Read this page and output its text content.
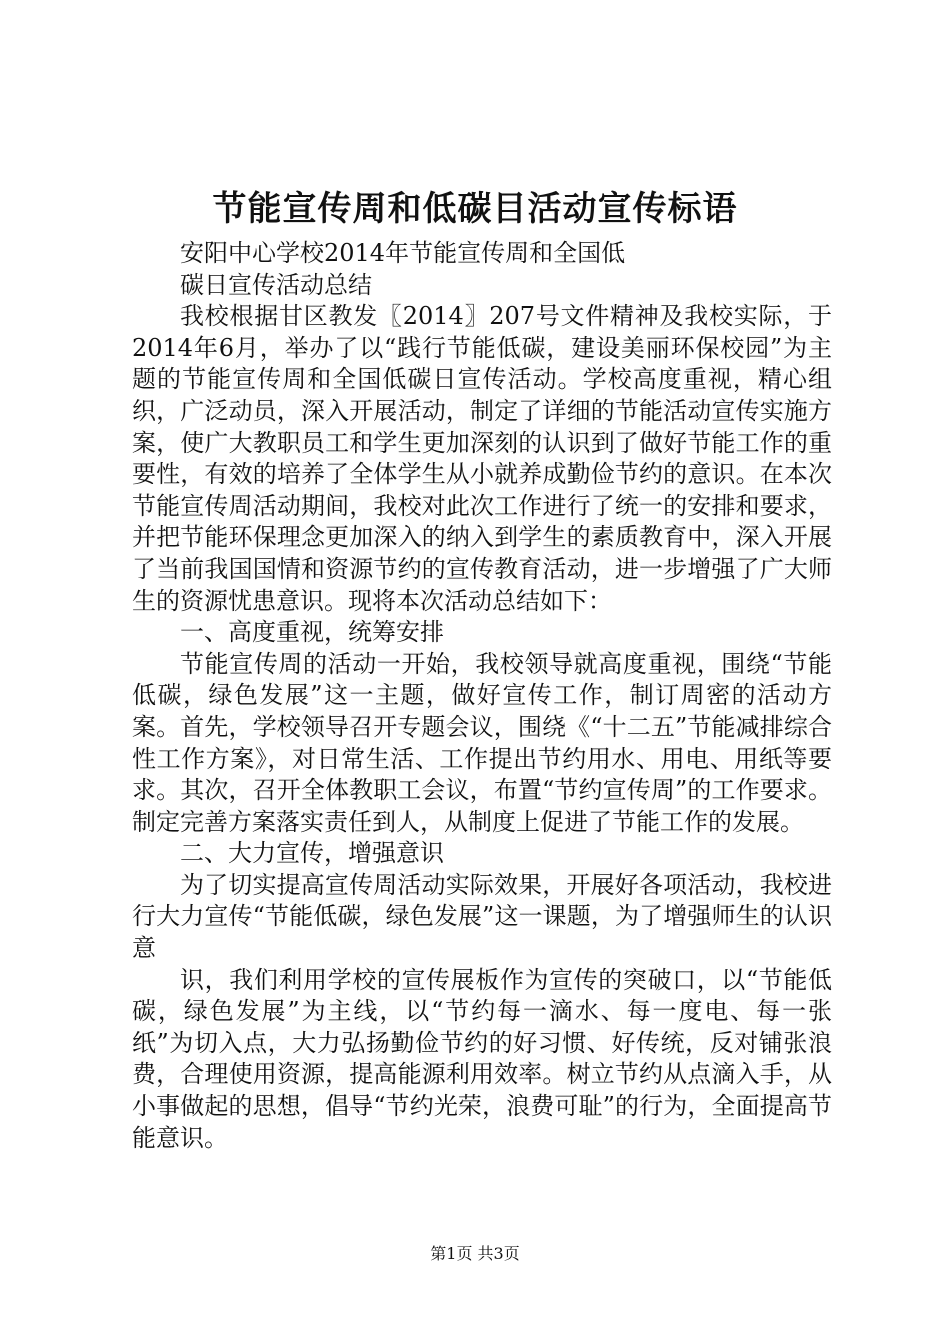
节能宣传周和低碳目活动宣传标语

安阳中心学校2014年节能宣传周和全国低

碳日宣传活动总结

我校根据甘区教发〖2014〗207号文件精神及我校实际，于2014年6月，举办了以“践行节能低碳，建设美丽环保校园”为主题的节能宣传周和全国低碳日宣传活动。学校高度重视，精心组织，广泛动员，深入开展活动，制定了详细的节能活动宣传实施方案，使广大教职员工和学生更加深刻的认识到了做好节能工作的重要性，有效的培养了全体学生从小就养成勤俭节约的意识。在本次节能宣传周活动期间，我校对此次工作进行了统一的安排和要求，并把节能环保理念更加深入的纳入到学生的素质教育中，深入开展了当前我国国情和资源节约的宣传教育活动，进一步增强了广大师生的资源忧患意识。现将本次活动总结如下：

一、高度重视，统筹安排

节能宣传周的活动一开始，我校领导就高度重视，围绕“节能低碳，绿色发展”这一主题，做好宣传工作，制订周密的活动方案。首先，学校领导召开专题会议，围绕《“十二五”节能减排综合性工作方案》，对日常生活、工作提出节约用水、用电、用纸等要求。其次，召开全体教职工会议，布置“节约宣传周”的工作要求。制定完善方案落实责任到人，从制度上促进了节能工作的发展。

二、大力宣传，增强意识

为了切实提高宣传周活动实际效果，开展好各项活动，我校进行大力宣传“节能低碳，绿色发展”这一课题，为了增强师生的认识意

识，我们利用学校的宣传展板作为宣传的突破口，以“节能低碳，绿色发展”为主线，以“节约每一滴水、每一度电、每一张纸”为切入点，大力弘扬勤俭节约的好习惯、好传统，反对铺张浪费，合理使用资源，提高能源利用效率。树立节约从点滴入手，从小事做起的思想，倡导“节约光荣，浪费可耻”的行为，全面提高节能意识。

第1页 共3页
